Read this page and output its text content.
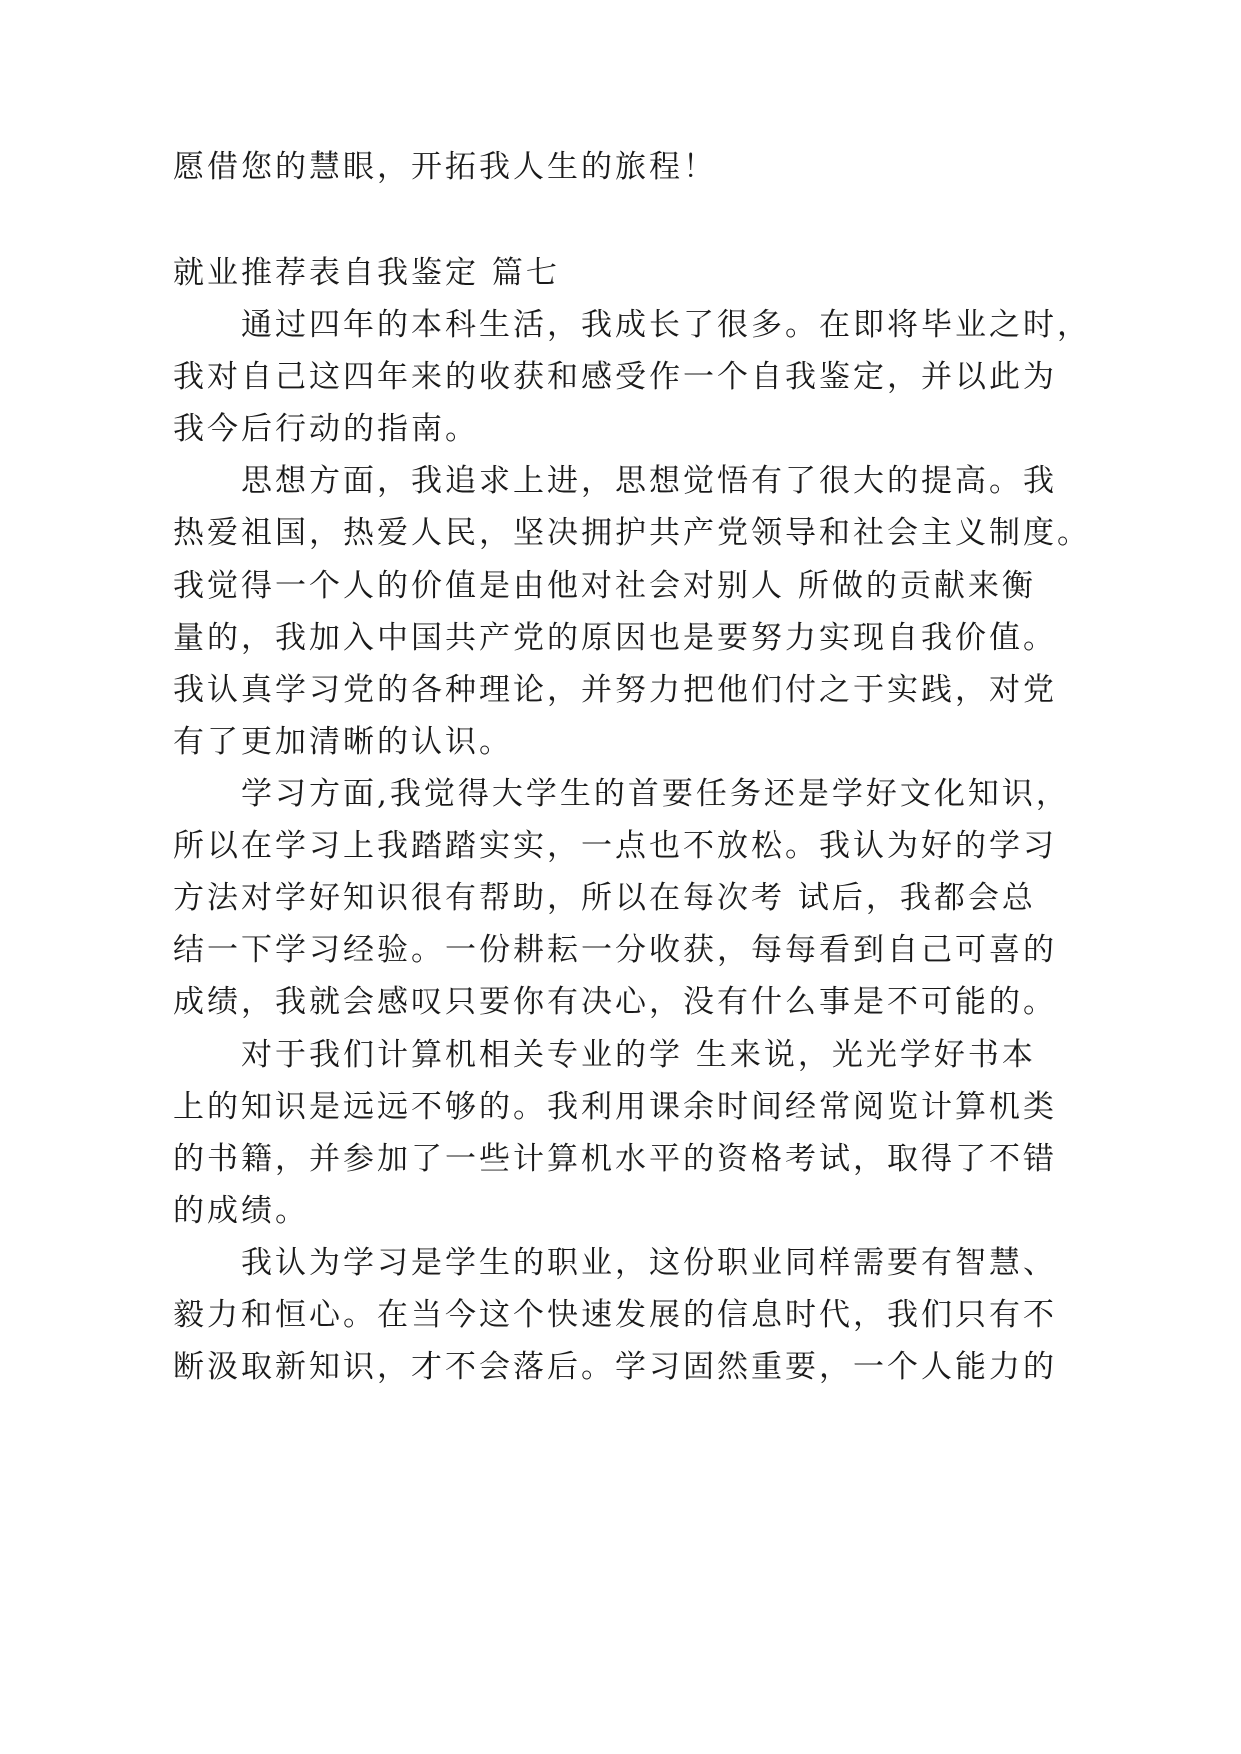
愿借您的慧眼，开拓我人生的旅程！
就业推荐表自我鉴定 篇七
通过四年的本科生活，我成长了很多。在即将毕业之时，
我对自己这四年来的收获和感受作一个自我鉴定，并以此为
我今后行动的指南。
思想方面，我追求上进，思想觉悟有了很大的提高。我
热爱祖国，热爱人民，坚决拥护共产党领导和社会主义制度。
我觉得一个人的价值是由他对社会对别人 所做的贡献来衡
量的，我加入中国共产党的原因也是要努力实现自我价值。
我认真学习党的各种理论，并努力把他们付之于实践，对党
有了更加清晰的认识。
学习方面,我觉得大学生的首要任务还是学好文化知识，
所以在学习上我踏踏实实，一点也不放松。我认为好的学习
方法对学好知识很有帮助，所以在每次考 试后，我都会总
结一下学习经验。一份耕耘一分收获，每每看到自己可喜的
成绩，我就会感叹只要你有决心，没有什么事是不可能的。
对于我们计算机相关专业的学 生来说，光光学好书本
上的知识是远远不够的。我利用课余时间经常阅览计算机类
的书籍，并参加了一些计算机水平的资格考试，取得了不错
的成绩。
我认为学习是学生的职业，这份职业同样需要有智慧、
毅力和恒心。在当今这个快速发展的信息时代，我们只有不
断汲取新知识，才不会落后。学习固然重要，一个人能力的
